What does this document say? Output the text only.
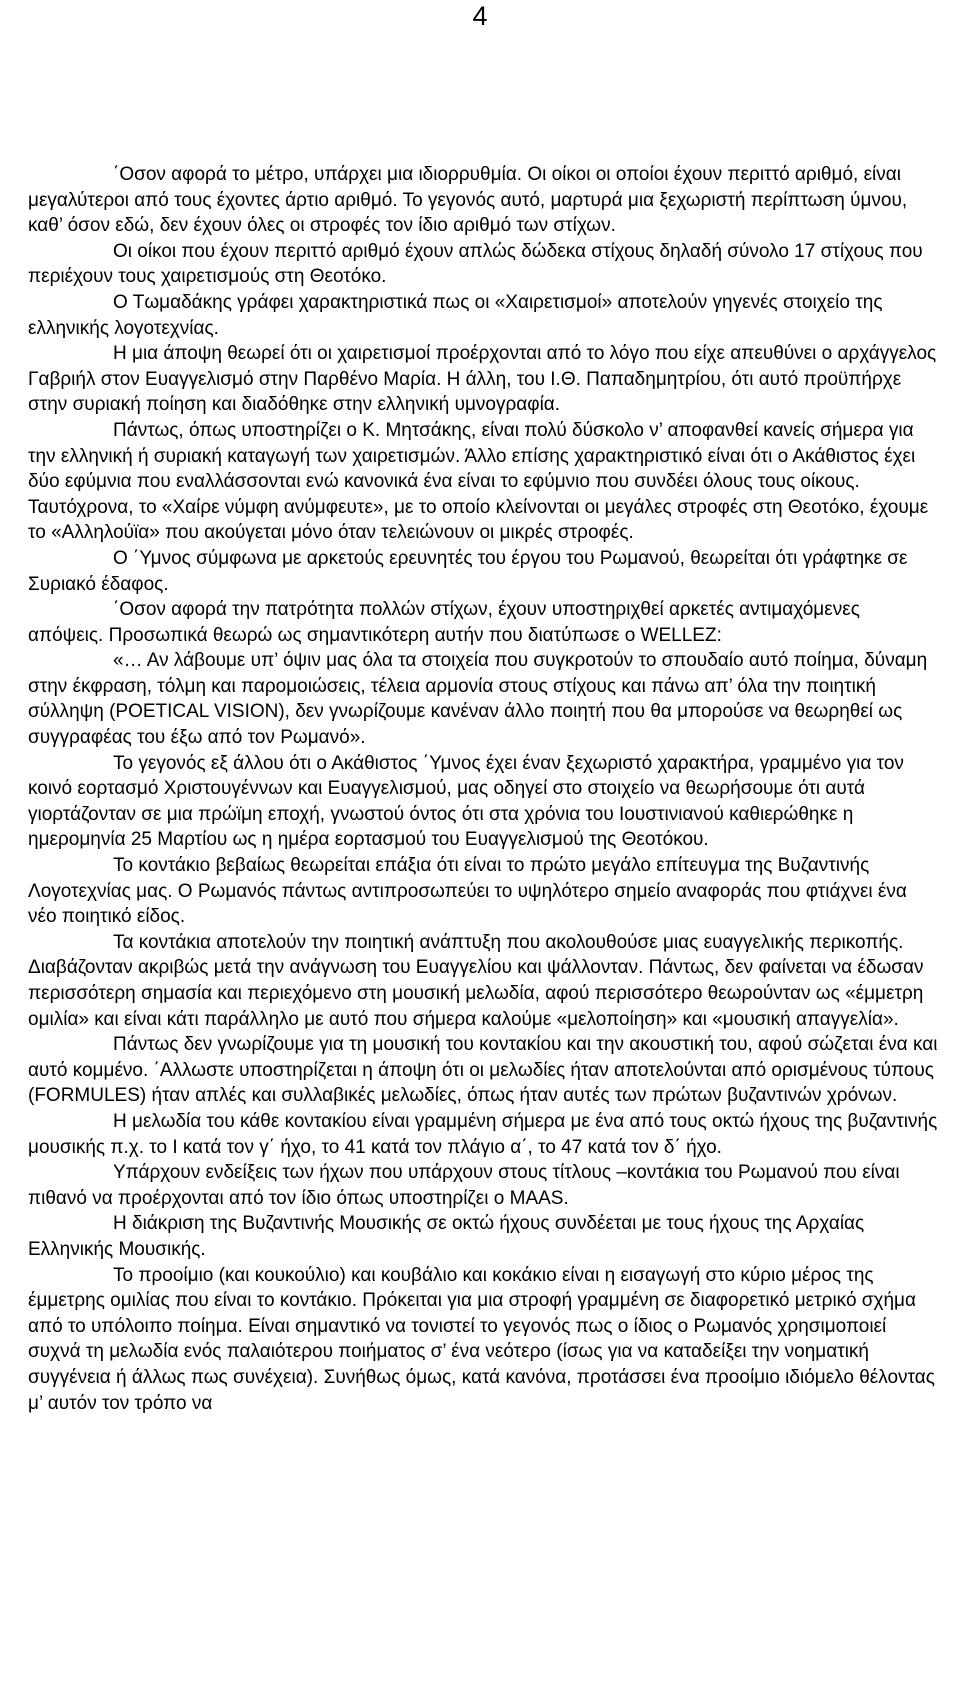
4

΄Οσον αφορά το μέτρο, υπάρχει μια ιδιορρυθμία. Οι οίκοι οι οποίοι έχουν περιττό αριθμό, είναι μεγαλύτεροι από τους έχοντες άρτιο αριθμό. Το γεγονός αυτό, μαρτυρά μια ξεχωριστή περίπτωση ύμνου, καθ’ όσον εδώ, δεν έχουν όλες οι στροφές τον ίδιο αριθμό των στίχων.

Οι οίκοι που έχουν περιττό αριθμό έχουν απλώς δώδεκα στίχους δηλαδή σύνολο 17 στίχους που περιέχουν τους χαιρετισμούς στη Θεοτόκο.

Ο Τωμαδάκης γράφει χαρακτηριστικά πως οι «Χαιρετισμοί» αποτελούν γηγενές στοιχείο της ελληνικής λογοτεχνίας.

Η μια άποψη θεωρεί ότι οι χαιρετισμοί προέρχονται από το λόγο που είχε απευθύνει ο αρχάγγελος Γαβριήλ στον Ευαγγελισμό στην Παρθένο Μαρία. Η άλλη, του Ι.Θ. Παπαδημητρίου, ότι αυτό προϋπήρχε στην συριακή ποίηση και διαδόθηκε στην ελληνική υμνογραφία.

Πάντως, όπως υποστηρίζει ο Κ. Μητσάκης, είναι πολύ δύσκολο ν’ αποφανθεί κανείς σήμερα για την ελληνική ή συριακή καταγωγή των χαιρετισμών. Άλλο επίσης χαρακτηριστικό είναι ότι ο Ακάθιστος έχει δύο εφύμνια που εναλλάσσονται ενώ κανονικά ένα είναι το εφύμνιο που συνδέει όλους τους οίκους. Ταυτόχρονα, το «Χαίρε νύμφη ανύμφευτε», με το οποίο κλείνονται οι μεγάλες στροφές στη Θεοτόκο, έχουμε το «Αλληλούϊα» που ακούγεται μόνο όταν τελειώνουν οι μικρές στροφές.

Ο ΄Υμνος σύμφωνα με αρκετούς ερευνητές του έργου του Ρωμανού, θεωρείται ότι γράφτηκε σε Συριακό έδαφος.

΄Οσον αφορά την πατρότητα πολλών στίχων, έχουν υποστηριχθεί αρκετές αντιμαχόμενες απόψεις. Προσωπικά θεωρώ ως σημαντικότερη αυτήν που διατύπωσε ο WELLEZ:

«… Αν λάβουμε υπ’ όψιν μας όλα τα στοιχεία που συγκροτούν το σπουδαίο αυτό ποίημα, δύναμη στην έκφραση, τόλμη και παρομοιώσεις, τέλεια αρμονία στους στίχους και πάνω απ’ όλα την ποιητική σύλληψη (POETICAL VISION), δεν γνωρίζουμε κανέναν άλλο ποιητή που θα μπορούσε να θεωρηθεί ως συγγραφέας του έξω από τον Ρωμανό».

Το γεγονός εξ άλλου ότι ο Ακάθιστος ΄Υμνος έχει έναν ξεχωριστό χαρακτήρα, γραμμένο για τον κοινό εορτασμό Χριστουγέννων και Ευαγγελισμού, μας οδηγεί στο στοιχείο να θεωρήσουμε ότι αυτά γιορτάζονταν σε μια πρώϊμη εποχή, γνωστού όντος ότι στα χρόνια του Ιουστινιανού καθιερώθηκε η ημερομηνία 25 Μαρτίου ως η ημέρα εορτασμού του Ευαγγελισμού της Θεοτόκου.

Το κοντάκιο βεβαίως θεωρείται επάξια ότι είναι το πρώτο μεγάλο επίτευγμα της Βυζαντινής Λογοτεχνίας μας. Ο Ρωμανός πάντως αντιπροσωπεύει το υψηλότερο σημείο αναφοράς που φτιάχνει ένα νέο ποιητικό είδος.

Τα κοντάκια αποτελούν την ποιητική ανάπτυξη που ακολουθούσε μιας ευαγγελικής περικοπής. Διαβάζονταν ακριβώς μετά την ανάγνωση του Ευαγγελίου και ψάλλονταν. Πάντως, δεν φαίνεται να έδωσαν περισσότερη σημασία και περιεχόμενο στη μουσική μελωδία, αφού περισσότερο θεωρούνταν ως «έμμετρη ομιλία» και είναι κάτι παράλληλο με αυτό που σήμερα καλούμε «μελοποίηση» και «μουσική απαγγελία».

Πάντως δεν γνωρίζουμε για τη μουσική του κοντακίου και την ακουστική του, αφού σώζεται ένα και αυτό κομμένο. ΄Αλλωστε υποστηρίζεται η άποψη ότι οι μελωδίες ήταν αποτελούνται από ορισμένους τύπους (FORMULES) ήταν απλές και συλλαβικές μελωδίες, όπως ήταν αυτές των πρώτων βυζαντινών χρόνων.

Η μελωδία του κάθε κοντακίου είναι γραμμένη σήμερα με ένα από τους οκτώ ήχους της βυζαντινής μουσικής π.χ. το Ι κατά τον γ΄ ήχο, το 41 κατά τον πλάγιο α΄, το 47 κατά τον δ΄ ήχο.

Υπάρχουν ενδείξεις των ήχων που υπάρχουν στους τίτλους –κοντάκια του Ρωμανού που είναι πιθανό να προέρχονται από τον ίδιο όπως υποστηρίζει ο MAAS.

Η διάκριση της Βυζαντινής Μουσικής σε οκτώ ήχους συνδέεται με τους ήχους της Αρχαίας Ελληνικής Μουσικής.

Το προοίμιο (και κουκούλιο) και κουβάλιο και κοκάκιο είναι η εισαγωγή στο κύριο μέρος της έμμετρης ομιλίας που είναι το κοντάκιο. Πρόκειται για μια στροφή γραμμένη σε διαφορετικό μετρικό σχήμα από το υπόλοιπο ποίημα. Είναι σημαντικό να τονιστεί το γεγονός πως ο ίδιος ο Ρωμανός χρησιμοποιεί συχνά τη μελωδία ενός παλαιότερου ποιήματος σ’ ένα νεότερο (ίσως για να καταδείξει την νοηματική συγγένεια ή άλλως πως συνέχεια). Συνήθως όμως, κατά κανόνα, προτάσσει ένα προοίμιο ιδιόμελο θέλοντας μ’ αυτόν τον τρόπο να
